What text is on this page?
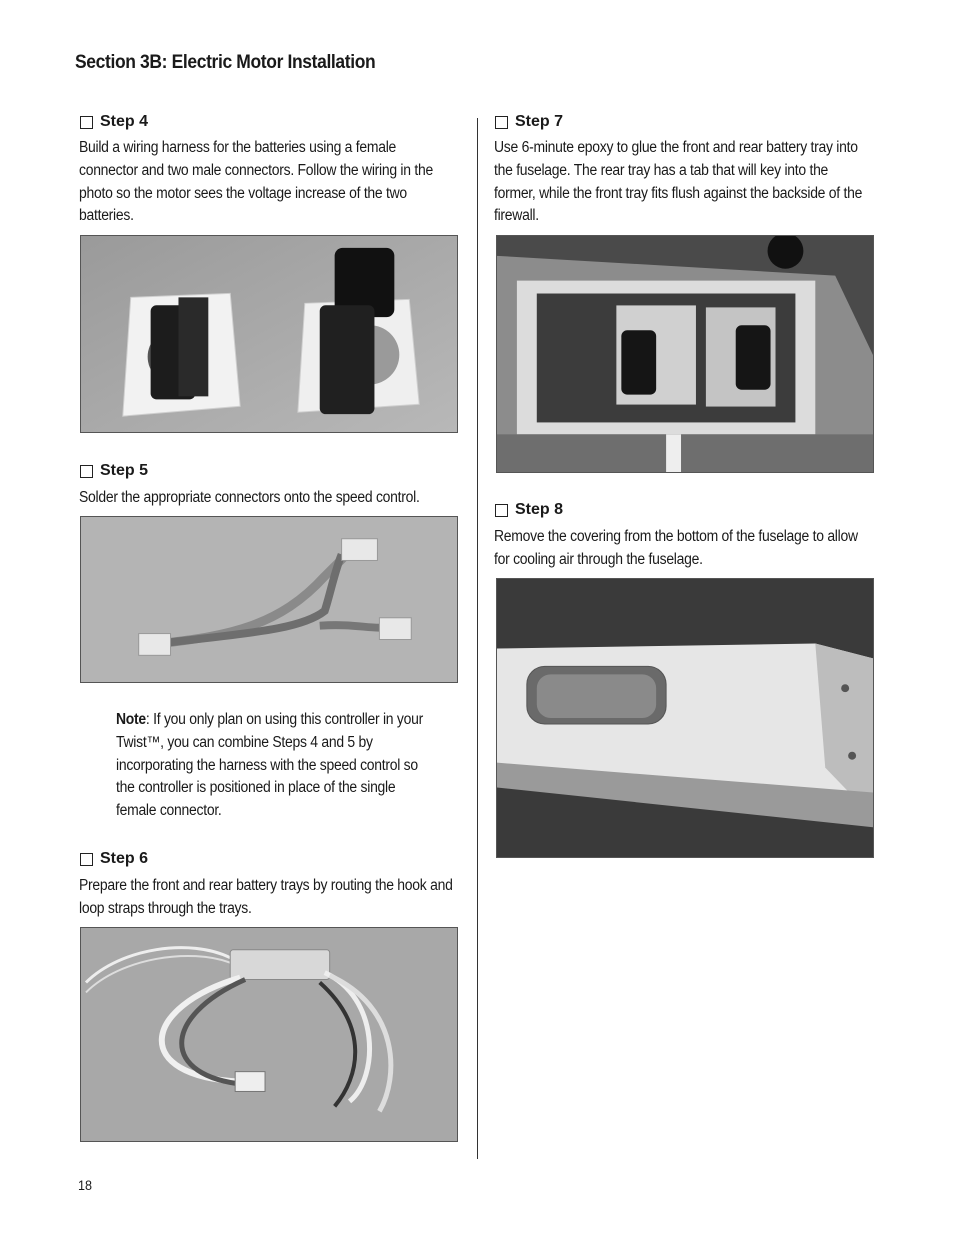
Section 3B: Electric Motor Installation
Step 4
Build a wiring harness for the batteries using a female connector and two male connectors. Follow the wiring in the photo so the motor sees the voltage increase of the two batteries.
Step 5
Solder the appropriate connectors onto the speed control.
Note: If you only plan on using this controller in your Twist™, you can combine Steps 4 and 5 by incorporating the harness with the speed control so the controller is positioned in place of the single female connector.
Step 6
Prepare the front and rear battery trays by routing the hook and loop straps through the trays.
Step 7
Use 6-minute epoxy to glue the front and rear battery tray into the fuselage. The rear tray has a tab that will key into the former, while the front tray fits flush against the backside of the firewall.
Step 8
Remove the covering from the bottom of the fuselage to allow for cooling air through the fuselage.
18
